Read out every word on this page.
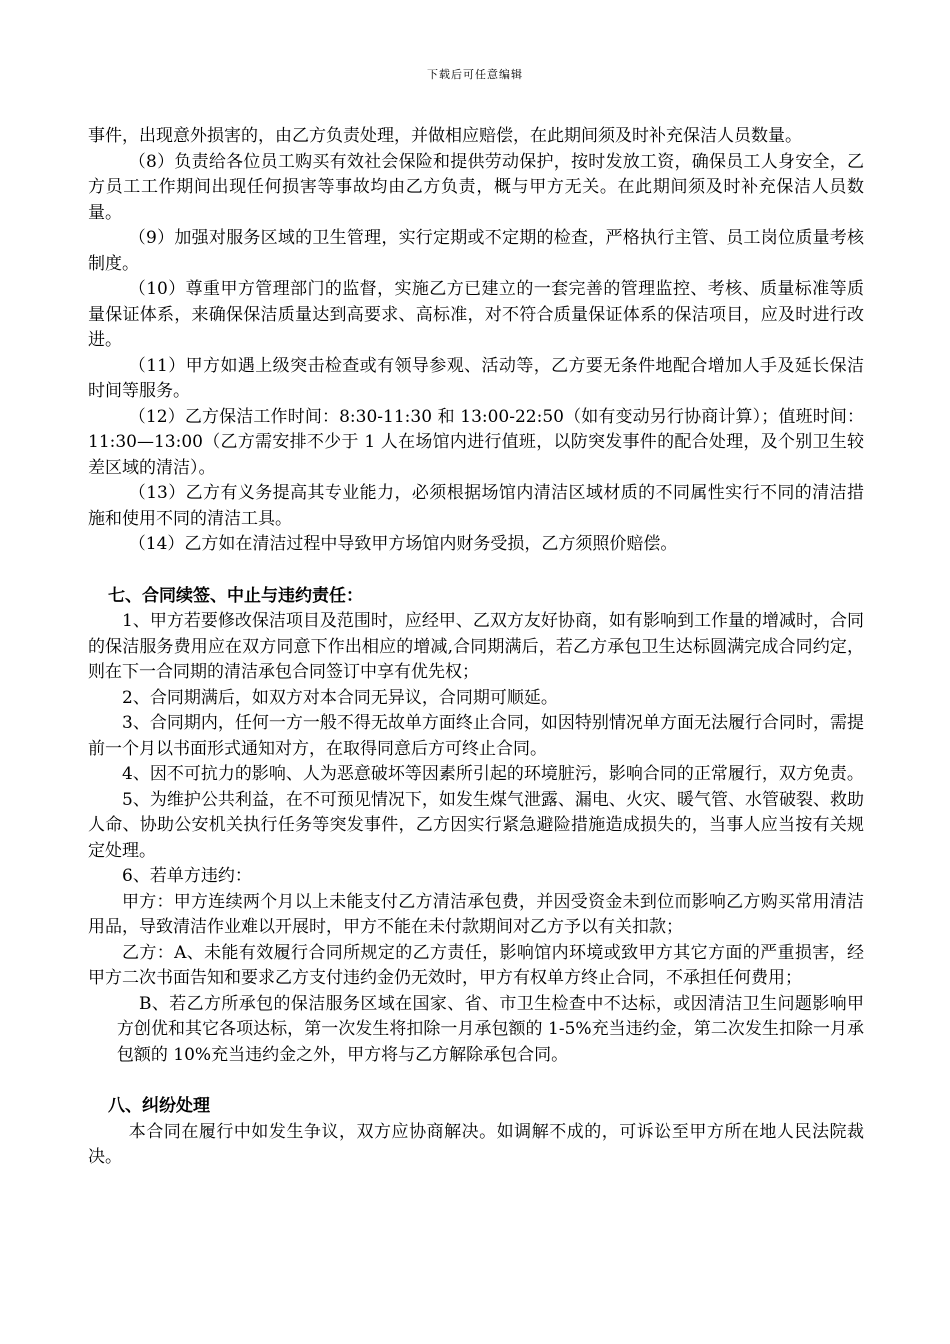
下载后可任意编辑

事件，出现意外损害的，由乙方负责处理，并做相应赔偿，在此期间须及时补充保洁人员数量。

（8）负责给各位员工购买有效社会保险和提供劳动保护，按时发放工资，确保员工人身安全，乙方员工工作期间出现任何损害等事故均由乙方负责，概与甲方无关。在此期间须及时补充保洁人员数量。

（9）加强对服务区域的卫生管理，实行定期或不定期的检查，严格执行主管、员工岗位质量考核制度。

（10）尊重甲方管理部门的监督，实施乙方已建立的一套完善的管理监控、考核、质量标准等质量保证体系，来确保保洁质量达到高要求、高标准，对不符合质量保证体系的保洁项目，应及时进行改进。

（11）甲方如遇上级突击检查或有领导参观、活动等，乙方要无条件地配合增加人手及延长保洁时间等服务。

（12）乙方保洁工作时间：8:30-11:30 和 13:00-22:50（如有变动另行协商计算）；值班时间：11:30—13:00（乙方需安排不少于 1 人在场馆内进行值班，以防突发事件的配合处理，及个别卫生较差区域的清洁）。

（13）乙方有义务提高其专业能力，必须根据场馆内清洁区域材质的不同属性实行不同的清洁措施和使用不同的清洁工具。

（14）乙方如在清洁过程中导致甲方场馆内财务受损，乙方须照价赔偿。

七、合同续签、中止与违约责任：

1、甲方若要修改保洁项目及范围时，应经甲、乙双方友好协商，如有影响到工作量的增减时，合同的保洁服务费用应在双方同意下作出相应的增减,合同期满后，若乙方承包卫生达标圆满完成合同约定，则在下一合同期的清洁承包合同签订中享有优先权；

2、合同期满后，如双方对本合同无异议，合同期可顺延。

3、合同期内，任何一方一般不得无故单方面终止合同，如因特别情况单方面无法履行合同时，需提前一个月以书面形式通知对方，在取得同意后方可终止合同。

4、因不可抗力的影响、人为恶意破坏等因素所引起的环境脏污，影响合同的正常履行，双方免责。

5、为维护公共利益，在不可预见情况下，如发生煤气泄露、漏电、火灾、暖气管、水管破裂、救助人命、协助公安机关执行任务等突发事件，乙方因实行紧急避险措施造成损失的，当事人应当按有关规定处理。

6、若单方违约：

甲方：甲方连续两个月以上未能支付乙方清洁承包费，并因受资金未到位而影响乙方购买常用清洁用品，导致清洁作业难以开展时，甲方不能在未付款期间对乙方予以有关扣款；

乙方：A、未能有效履行合同所规定的乙方责任，影响馆内环境或致甲方其它方面的严重损害，经甲方二次书面告知和要求乙方支付违约金仍无效时，甲方有权单方终止合同，不承担任何费用；

B、若乙方所承包的保洁服务区域在国家、省、市卫生检查中不达标，或因清洁卫生问题影响甲方创优和其它各项达标，第一次发生将扣除一月承包额的 1-5%充当违约金，第二次发生扣除一月承包额的 10%充当违约金之外，甲方将与乙方解除承包合同。

八、纠纷处理

本合同在履行中如发生争议，双方应协商解决。如调解不成的，可诉讼至甲方所在地人民法院裁决。
